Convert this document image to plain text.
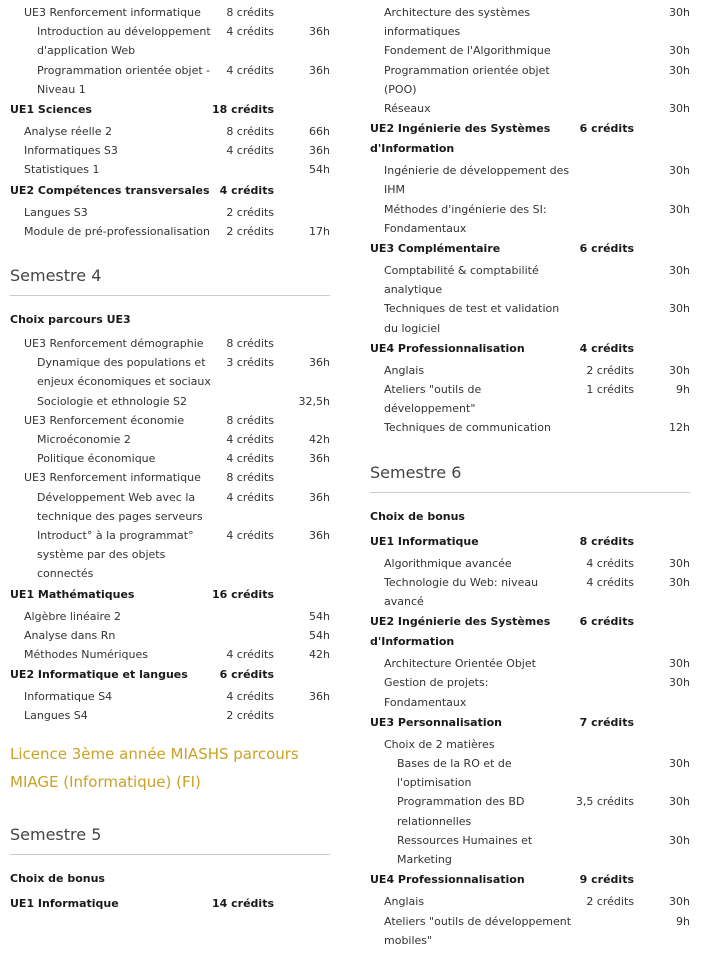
UE3 Renforcement informatique	8 crédits
Introduction au développement d'application Web
4 crédits	36h
Programmation orientée objet - Niveau 1
4 crédits	36h
UE1 Sciences	18 crédits
Analyse réelle 2	8 crédits	66h
Informatiques S3	4 crédits	36h
Statistiques 1	54h
UE2 Compétences transversales 4 crédits
Langues S3	2 crédits
Module de pré-professionalisation 2 crédits	17h
Semestre 4
Choix parcours UE3
UE3 Renforcement démographie	8 crédits
Dynamique des populations et enjeux économiques et sociaux
3 crédits	36h
Sociologie et ethnologie S2	32,5h
UE3 Renforcement économie	8 crédits
Microéconomie 2	4 crédits	42h
Politique économique	4 crédits	36h
UE3 Renforcement informatique	8 crédits
Développement Web avec la technique des pages serveurs
4 crédits	36h
Introduct° à la programmat° système par des objets connectés
4 crédits	36h
UE1 Mathématiques	16 crédits
Algèbre linéaire 2	54h
Analyse dans Rn	54h
Méthodes Numériques	4 crédits	42h
UE2 Informatique et langues	6 crédits
Informatique S4	4 crédits	36h
Langues S4	2 crédits
Licence 3ème année MIASHS parcours MIAGE (Informatique) (FI)
Semestre 5
Choix de bonus
UE1 Informatique	14 crédits
Architecture des systèmes informatiques
30h
Fondement de l'Algorithmique	30h
Programmation orientée objet (POO)
30h
Réseaux	30h
UE2 Ingénierie des Systèmes d'Information
6 crédits
Ingénierie de développement des IHM
30h
Méthodes d'ingénierie des SI: Fondamentaux
30h
UE3 Complémentaire	6 crédits
Comptabilité & comptabilité analytique
30h
Techniques de test et validation du logiciel
30h
UE4 Professionnalisation	4 crédits
Anglais	2 crédits	30h
Ateliers "outils de développement"
1 crédits	9h
Techniques de communication	12h
Semestre 6
Choix de bonus
UE1 Informatique	8 crédits
Algorithmique avancée	4 crédits	30h
Technologie du Web: niveau avancé
4 crédits	30h
UE2 Ingénierie des Systèmes d'Information
6 crédits
Architecture Orientée Objet	30h
Gestion de projets: Fondamentaux
30h
UE3 Personnalisation	7 crédits
Choix de 2 matières
Bases de la RO et de l'optimisation
30h
Programmation des BD relationnelles
3,5 crédits	30h
Ressources Humaines et Marketing
30h
UE4 Professionnalisation	9 crédits
Anglais	2 crédits	30h
Ateliers "outils de développement mobiles"
9h
